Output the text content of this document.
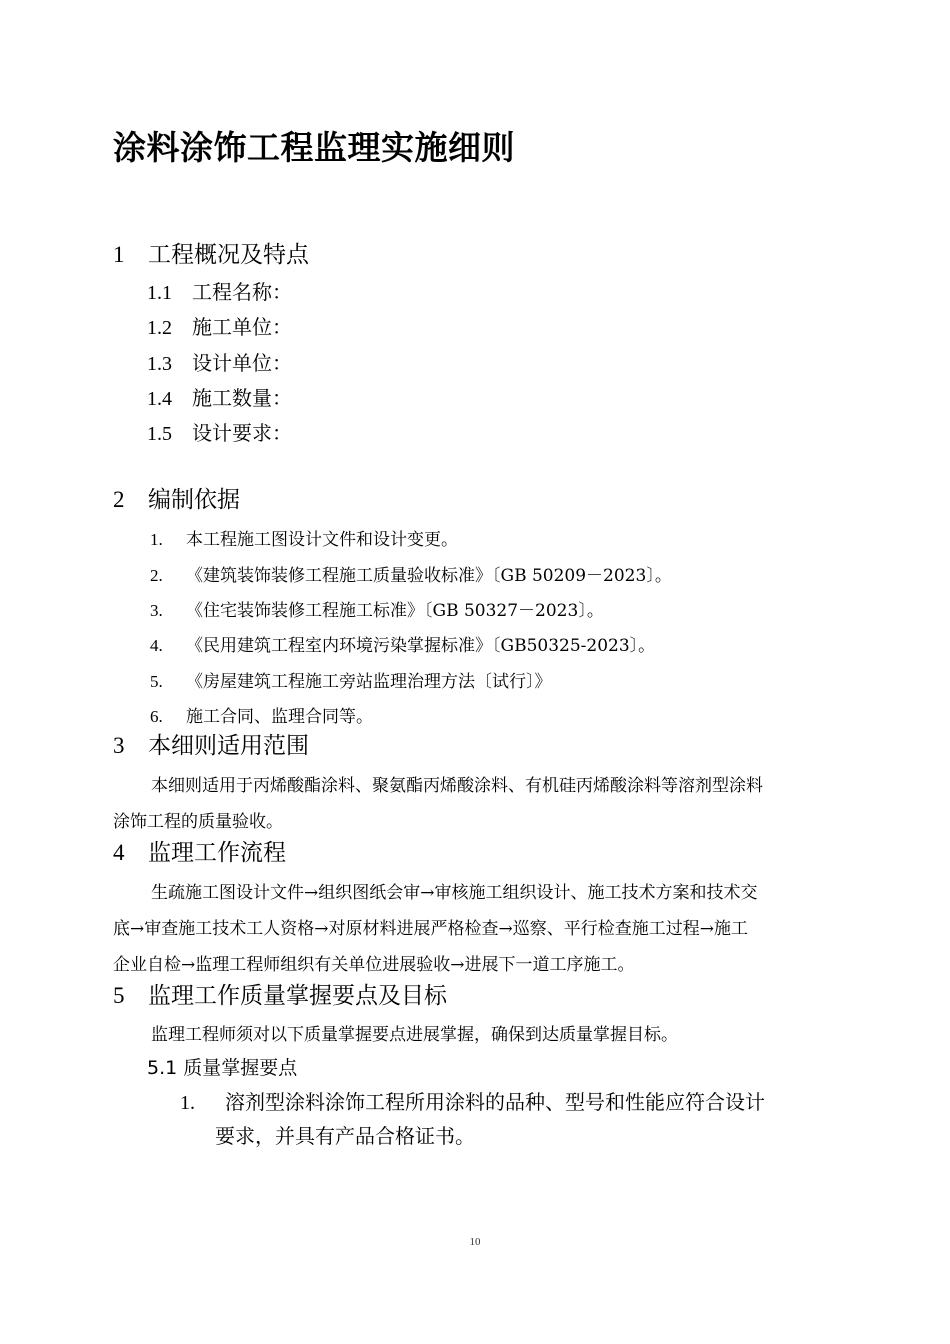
涂料涂饰工程监理实施细则
1 工程概况及特点
1.1 工程名称：
1.2 施工单位：
1.3 设计单位：
1.4 施工数量：
1.5 设计要求：
2 编制依据
1. 本工程施工图设计文件和设计变更。
2. 《建筑装饰装修工程施工质量验收标准》〔GB 50209－2023〕。
3. 《住宅装饰装修工程施工标准》〔GB 50327－2023〕。
4. 《民用建筑工程室内环境污染掌握标准》〔GB50325-2023〕。
5. 《房屋建筑工程施工旁站监理治理方法〔试行〕》
6. 施工合同、监理合同等。
3 本细则适用范围

本细则适用于丙烯酸酯涂料、聚氨酯丙烯酸涂料、有机硅丙烯酸涂料等溶剂型涂料

涂饰工程的质量验收。

4 监理工作流程

生疏施工图设计文件→组织图纸会审→审核施工组织设计、施工技术方案和技术交

底→审查施工技术工人资格→对原材料进展严格检查→巡察、平行检查施工过程→施工

企业自检→监理工程师组织有关单位进展验收→进展下一道工序施工。

5 监理工作质量掌握要点及目标

监理工程师须对以下质量掌握要点进展掌握，确保到达质量掌握目标。

5.1 质量掌握要点

1. 溶剂型涂料涂饰工程所用涂料的品种、型号和性能应符合设计

要求，并具有产品合格证书。

10
